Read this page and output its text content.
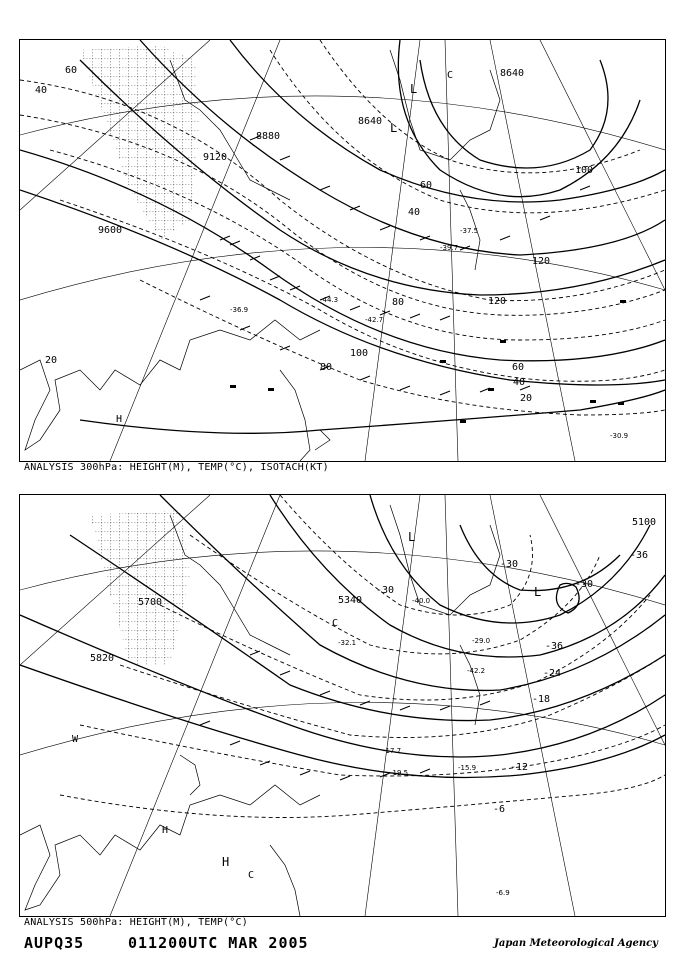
9600
9120
8880
8640
8640
20
40
60
80
100
120
40
60
80
100
120
20
40
60
L
C
L
H
-30.9
-42.7
-44.3
-39.7
-37.5
-36.9
ANALYSIS 300hPa: HEIGHT(M), TEMP(°C), ISOTACH(KT)
5700
5820
5340
5100
-6
-12
-18
-24
-30
-36
-30
-36
-30
L
L
C
H
H
W
C
-6.9
-15.9
-17.7
-19.5
-40.0
-42.2
-32.1	-29.0
ANALYSIS 500hPa: HEIGHT(M), TEMP(°C)
AUPQ35	011200UTC MAR 2005	Japan Meteorological Agency
